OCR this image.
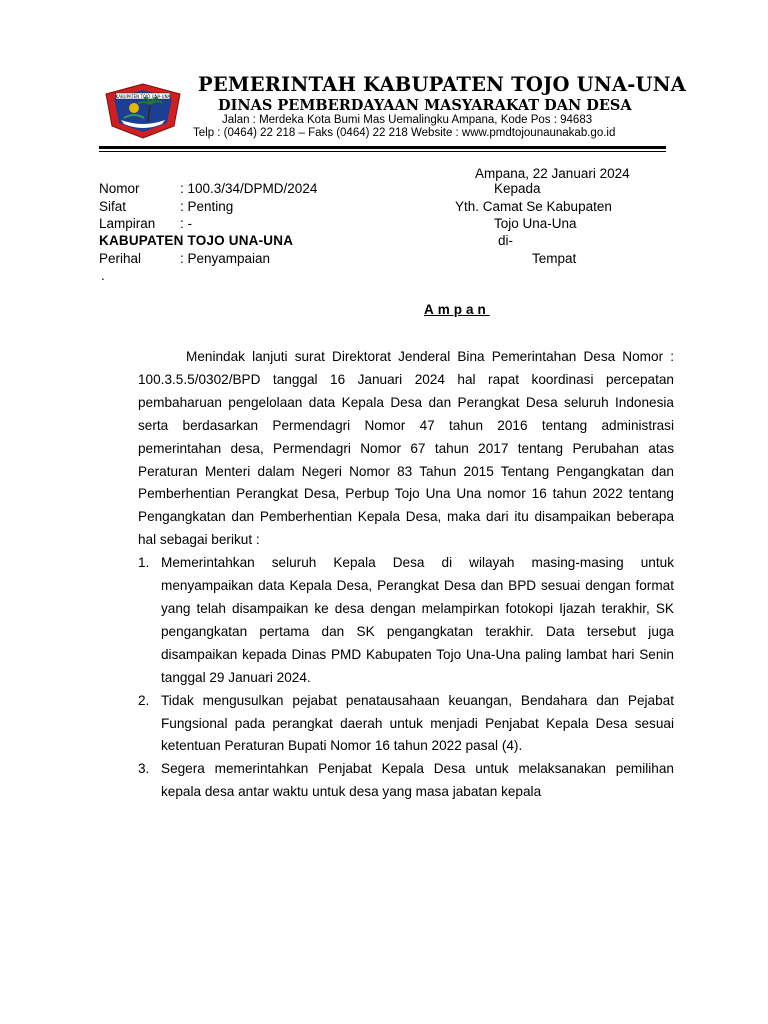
KABUPATEN TOJO UNA-UNA
PEMERINTAH KABUPATEN TOJO UNA-UNA
DINAS PEMBERDAYAAN MASYARAKAT DAN DESA
Jalan : Merdeka Kota Bumi Mas Uemalingku Ampana, Kode Pos : 94683
Telp : (0464) 22 218 – Faks (0464) 22 218 Website : www.pmdtojounaunakab.go.id
Ampana, 22 Januari 2024
Kepada
Yth. Camat Se Kabupaten
Tojo Una-Una
di-
Tempat
Nomor	: 100.3/34/DPMD/2024
Sifat	: Penting
Lampiran : -
KABUPATEN TOJO UNA-UNA
Perihal	: Penyampaian
.
Ampan

Menindak lanjuti surat Direktorat Jenderal Bina Pemerintahan Desa Nomor : 100.3.5.5/0302/BPD tanggal 16 Januari 2024 hal rapat koordinasi percepatan pembaharuan pengelolaan data Kepala Desa dan Perangkat Desa seluruh Indonesia serta berdasarkan Permendagri Nomor 47 tahun 2016 tentang administrasi pemerintahan desa, Permendagri Nomor 67 tahun 2017 tentang Perubahan atas Peraturan Menteri dalam Negeri Nomor 83 Tahun 2015 Tentang Pengangkatan dan Pemberhentian Perangkat Desa, Perbup Tojo Una Una nomor 16 tahun 2022 tentang Pengangkatan dan Pemberhentian Kepala Desa, maka dari itu disampaikan beberapa hal sebagai berikut :

1. Memerintahkan seluruh Kepala Desa di wilayah masing-masing untuk menyampaikan data Kepala Desa, Perangkat Desa dan BPD sesuai dengan format yang telah disampaikan ke desa dengan melampirkan fotokopi Ijazah terakhir, SK pengangkatan pertama dan SK pengangkatan terakhir. Data tersebut juga disampaikan kepada Dinas PMD Kabupaten Tojo Una-Una paling lambat hari Senin tanggal 29 Januari 2024.
2. Tidak mengusulkan pejabat penatausahaan keuangan, Bendahara dan Pejabat Fungsional pada perangkat daerah untuk menjadi Penjabat Kepala Desa sesuai ketentuan Peraturan Bupati Nomor 16 tahun 2022 pasal (4).
3. Segera memerintahkan Penjabat Kepala Desa untuk melaksanakan pemilihan kepala desa antar waktu untuk desa yang masa jabatan kepala
